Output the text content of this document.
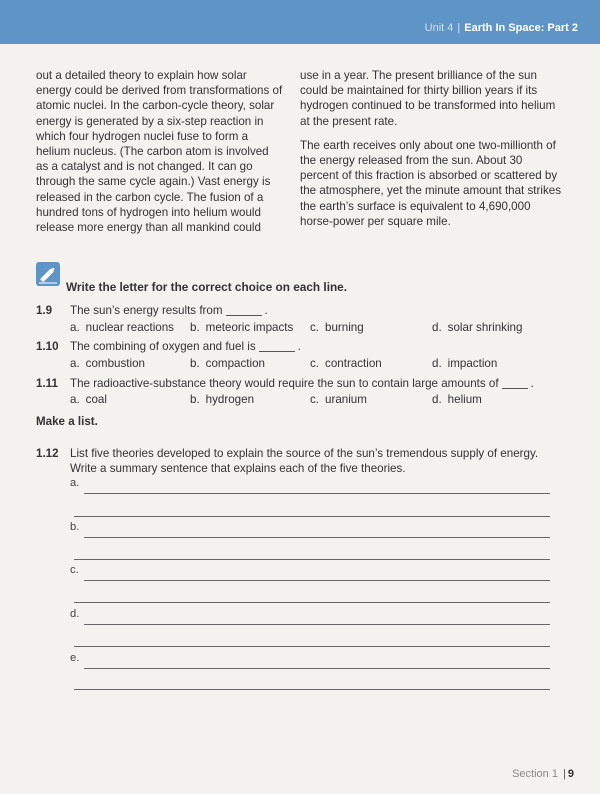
Unit 4 | Earth In Space: Part 2

out a detailed theory to explain how solar energy could be derived from transformations of atomic nuclei. In the carbon-cycle theory, solar energy is generated by a six-step reaction in which four hydrogen nuclei fuse to form a helium nucleus. (The carbon atom is involved as a catalyst and is not changed. It can go through the same cycle again.) Vast energy is released in the carbon cycle. The fusion of a hundred tons of hydrogen into helium would release more energy than all mankind could

use in a year. The present brilliance of the sun could be maintained for thirty billion years if its hydrogen continued to be transformed into helium at the present rate.

The earth receives only about one two-millionth of the energy released from the sun. About 30 percent of this fraction is absorbed or scattered by the atmosphere, yet the minute amount that strikes the earth’s surface is equivalent to 4,690,000 horse-power per square mile.

Write the letter for the correct choice on each line.
1.9 The sun’s energy results from	.
a. nuclear reactions b. meteoric impacts c. burning	d. solar shrinking
1.10 The combining of oxygen and fuel is	.
a. combustion	b. compaction	c. contraction	d. impaction
1.11 The radioactive-substance theory would require the sun to contain large amounts of	.
a. coal	b. hydrogen	c. uranium	d. helium
Make a list.
1.12 List five theories developed to explain the source of the sun’s tremendous supply of energy. Write a summary sentence that explains each of the five theories.
a.
b.
c.
d.
e.
Section 1 | 9
